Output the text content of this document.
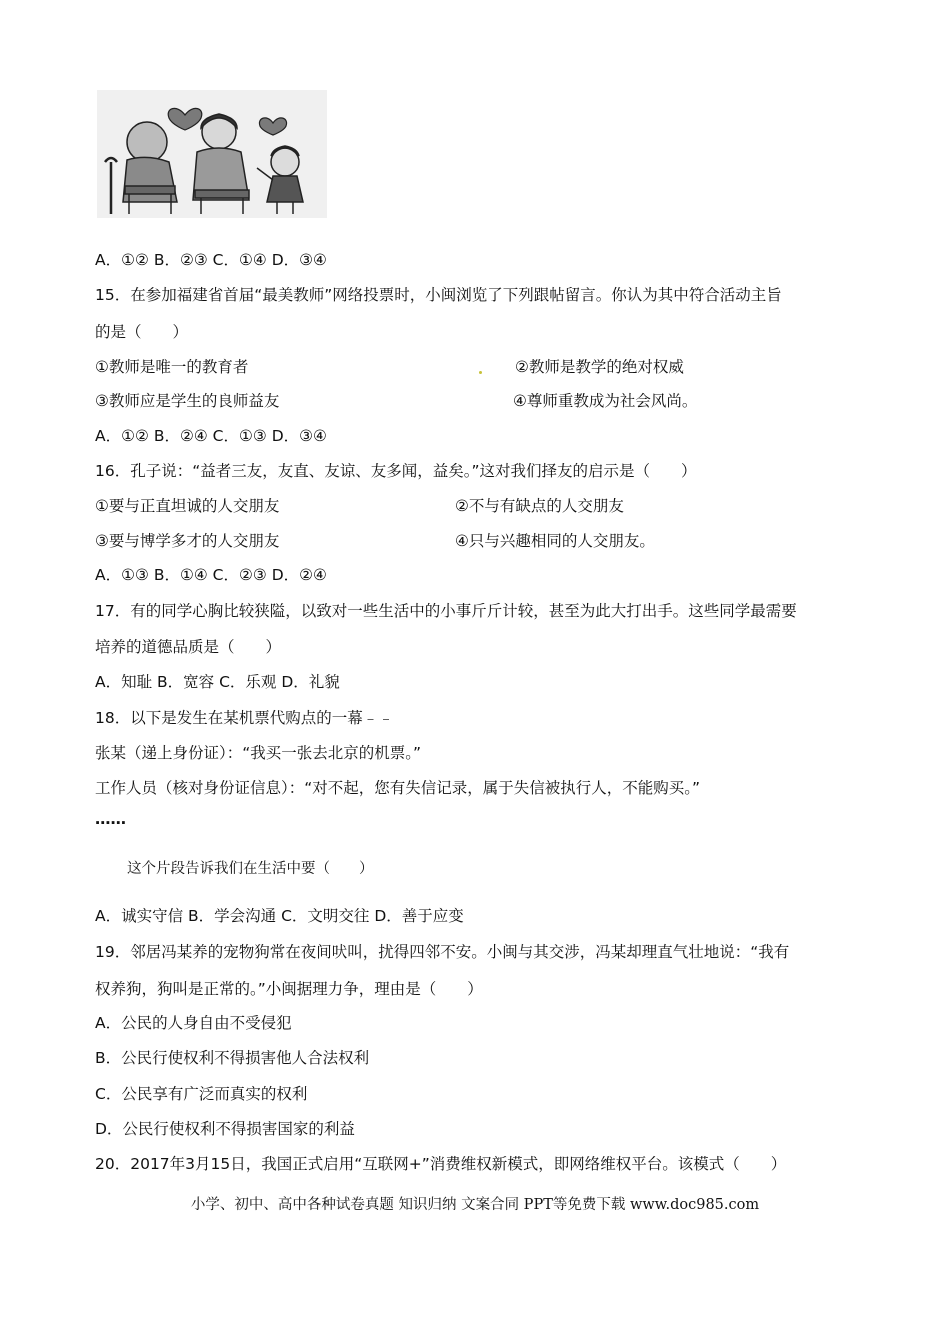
A．①② B．②③ C．①④ D．③④
15．在参加福建省首届“最美教师”网络投票时，小闽浏览了下列跟帖留言。你认为其中符合活动主旨
的是（　　）
①教师是唯一的教育者	②教师是教学的绝对权威
③教师应是学生的良师益友	④尊师重教成为社会风尚。
A．①② B．②④ C．①③ D．③④
16．孔子说：“益者三友，友直、友谅、友多闻，益矣。”这对我们择友的启示是（　　）
①要与正直坦诚的人交朋友	②不与有缺点的人交朋友
③要与博学多才的人交朋友	④只与兴趣相同的人交朋友。
A．①③ B．①④ C．②③ D．②④
17．有的同学心胸比较狭隘，以致对一些生活中的小事斤斤计较，甚至为此大打出手。这些同学最需要
培养的道德品质是（　　）
A．知耻 B．宽容 C．乐观 D．礼貌
18．以下是发生在某机票代购点的一幕﹣﹣
张某（递上身份证）：“我买一张去北京的机票。”
工作人员（核对身份证信息）：“对不起，您有失信记录，属于失信被执行人，不能购买。”
……
这个片段告诉我们在生活中要（　　）
A．诚实守信 B．学会沟通 C．文明交往 D．善于应变
19．邻居冯某养的宠物狗常在夜间吠叫，扰得四邻不安。小闽与其交涉，冯某却理直气壮地说：“我有
权养狗，狗叫是正常的。”小闽据理力争，理由是（　　）
A．公民的人身自由不受侵犯
B．公民行使权利不得损害他人合法权利
C．公民享有广泛而真实的权利
D．公民行使权利不得损害国家的利益
20．2017年3月15日，我国正式启用“互联网+”消费维权新模式，即网络维权平台。该模式（　　）
小学、初中、高中各种试卷真题 知识归纳 文案合同 PPT等免费下载 www.doc985.com
